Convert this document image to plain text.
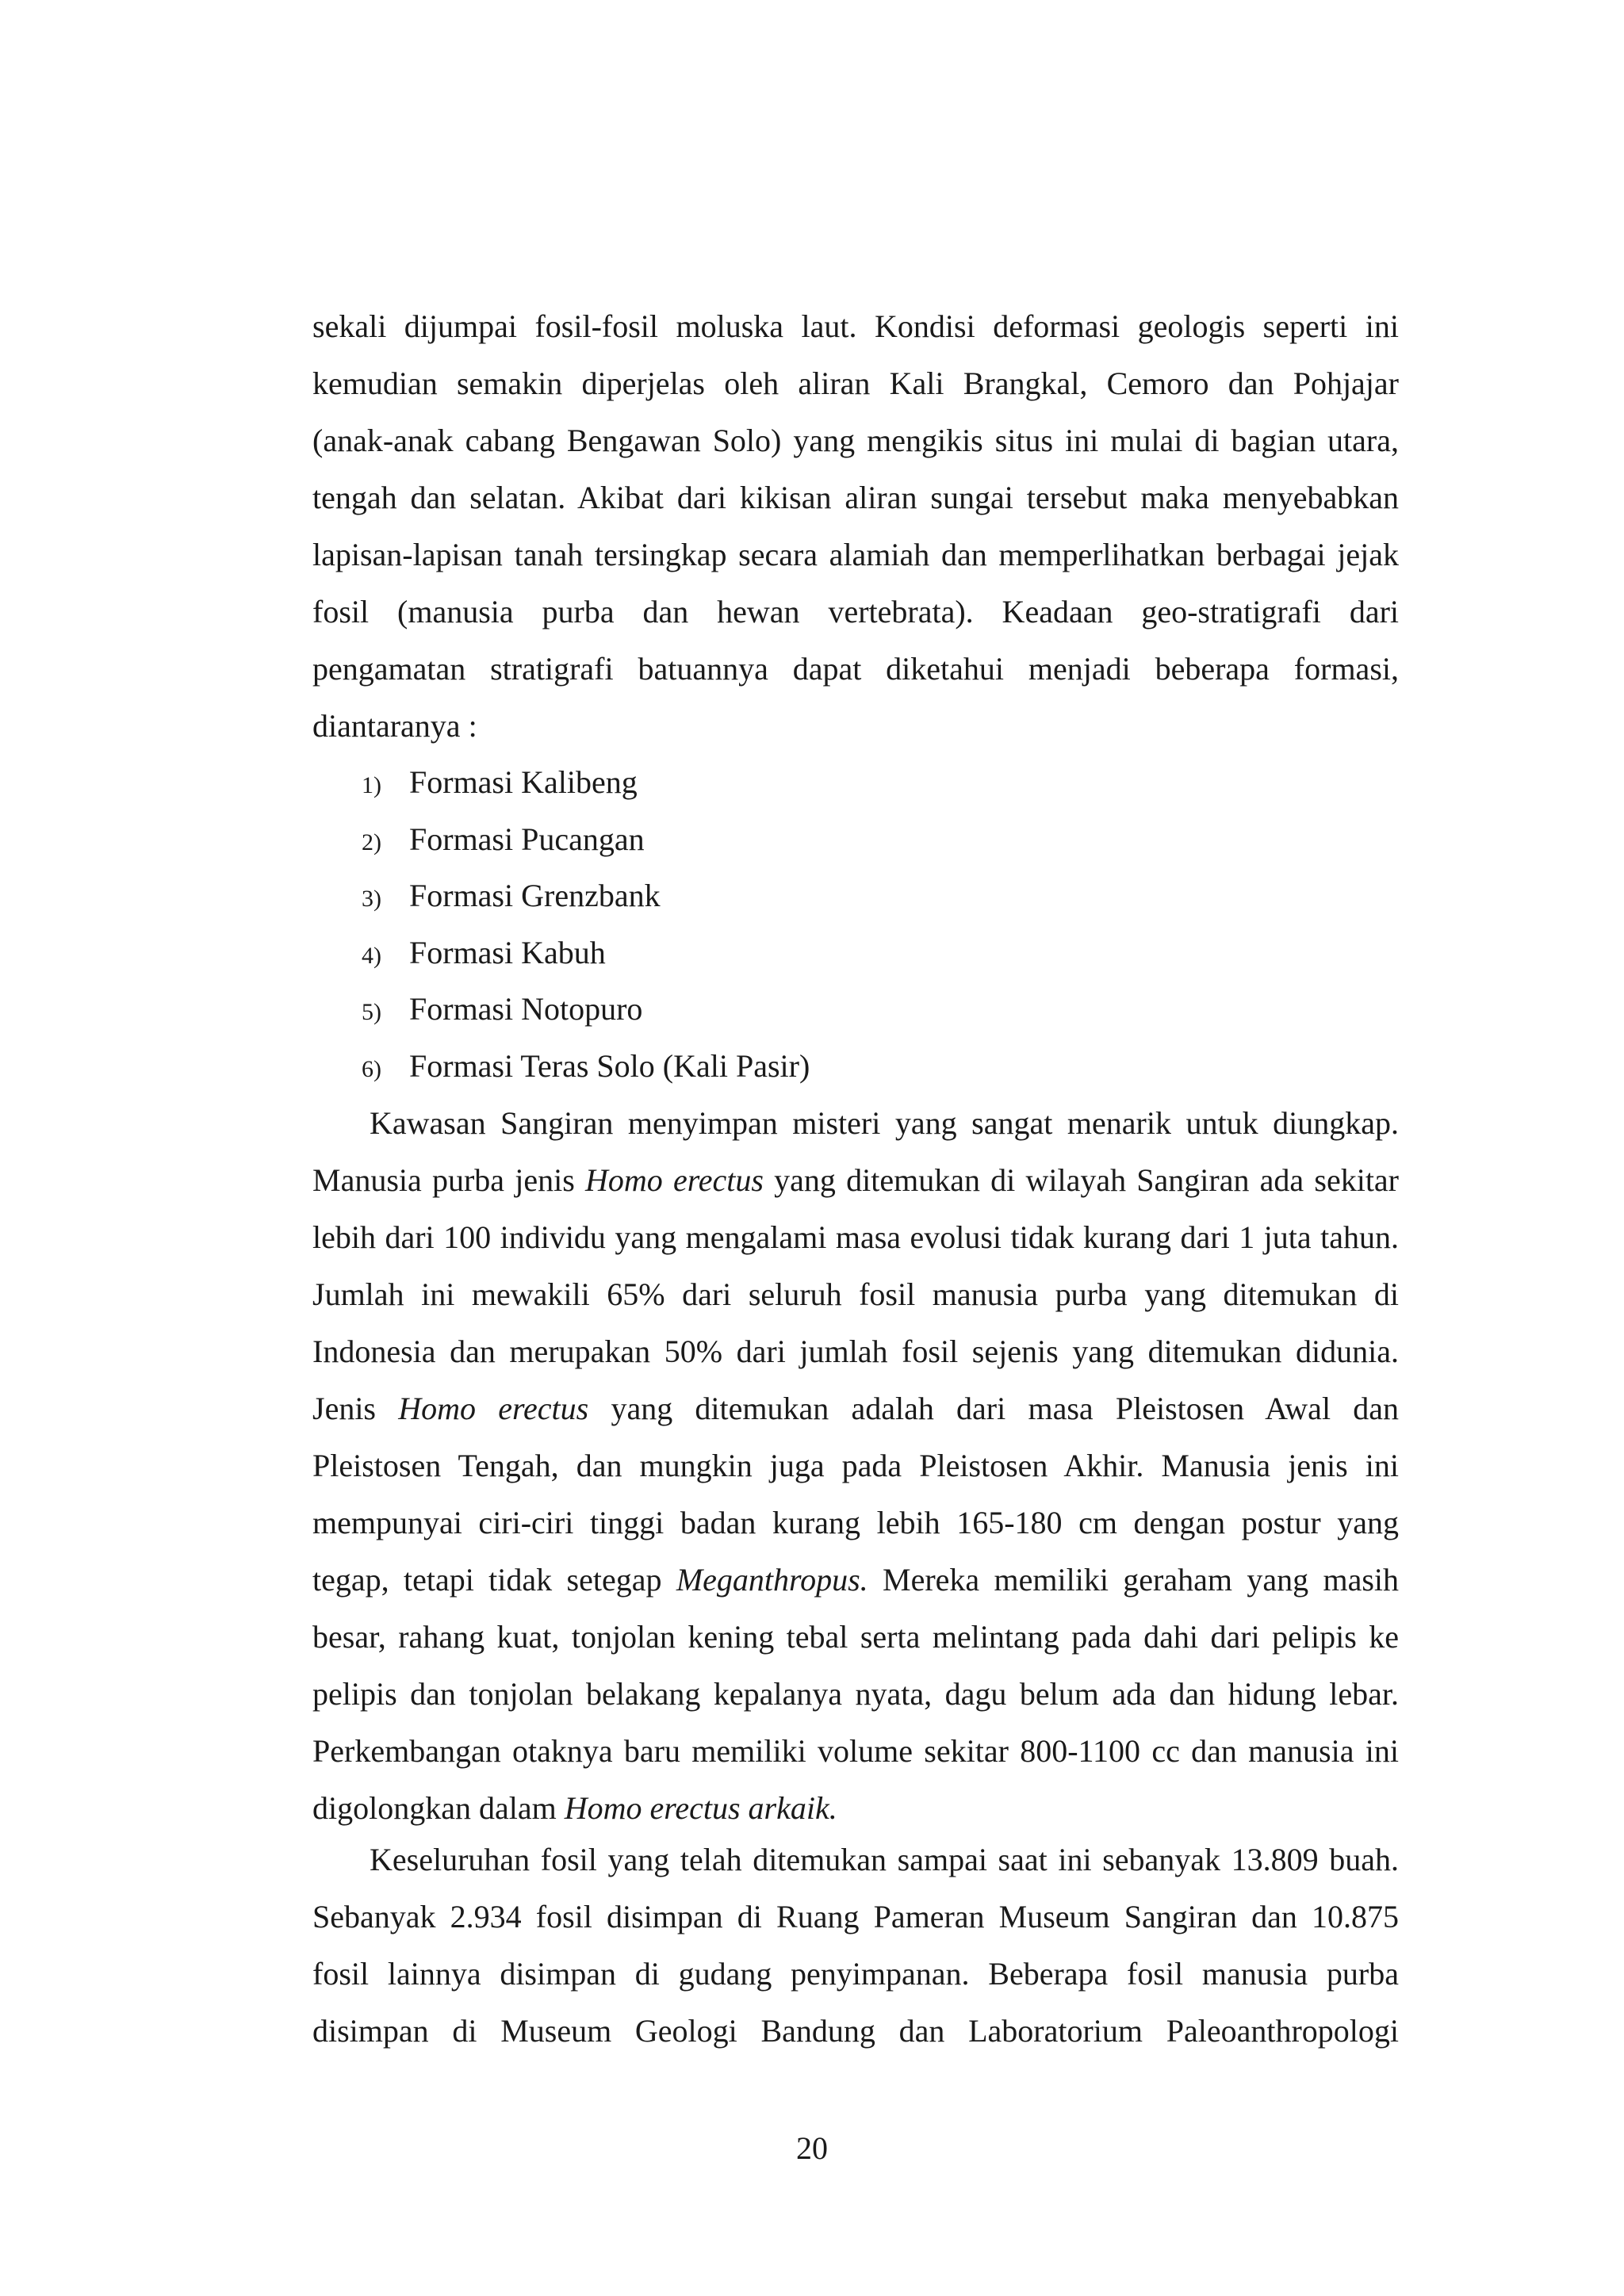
sekali dijumpai fosil-fosil moluska laut. Kondisi deformasi geologis seperti ini
kemudian semakin diperjelas oleh aliran Kali Brangkal, Cemoro dan Pohjajar
(anak-anak cabang Bengawan Solo) yang mengikis situs ini mulai di bagian utara,
tengah dan selatan. Akibat dari kikisan aliran sungai tersebut maka menyebabkan
lapisan-lapisan tanah tersingkap secara alamiah dan memperlihatkan berbagai jejak
fosil (manusia purba dan hewan vertebrata). Keadaan geo-stratigrafi dari
pengamatan stratigrafi batuannya dapat diketahui menjadi beberapa formasi,
diantaranya :
1) Formasi Kalibeng
2) Formasi Pucangan
3) Formasi Grenzbank
4) Formasi Kabuh
5) Formasi Notopuro
6) Formasi Teras Solo (Kali Pasir)
Kawasan Sangiran menyimpan misteri yang sangat menarik untuk diungkap.
Manusia purba jenis Homo erectus yang ditemukan di wilayah Sangiran ada sekitar
lebih dari 100 individu yang mengalami masa evolusi tidak kurang dari 1 juta tahun.
Jumlah ini mewakili 65% dari seluruh fosil manusia purba yang ditemukan di
Indonesia dan merupakan 50% dari jumlah fosil sejenis yang ditemukan didunia.
Jenis Homo erectus yang ditemukan adalah dari masa Pleistosen Awal dan
Pleistosen Tengah, dan mungkin juga pada Pleistosen Akhir. Manusia jenis ini
mempunyai ciri-ciri tinggi badan kurang lebih 165-180 cm dengan postur yang
tegap, tetapi tidak setegap Meganthropus. Mereka memiliki geraham yang masih
besar, rahang kuat, tonjolan kening tebal serta melintang pada dahi dari pelipis ke
pelipis dan tonjolan belakang kepalanya nyata, dagu belum ada dan hidung lebar.
Perkembangan otaknya baru memiliki volume sekitar 800-1100 cc dan manusia ini
digolongkan dalam Homo erectus arkaik.
Keseluruhan fosil yang telah ditemukan sampai saat ini sebanyak 13.809 buah.
Sebanyak 2.934 fosil disimpan di Ruang Pameran Museum Sangiran dan 10.875
fosil lainnya disimpan di gudang penyimpanan. Beberapa fosil manusia purba
disimpan di Museum Geologi Bandung dan Laboratorium Paleoanthropologi
20
